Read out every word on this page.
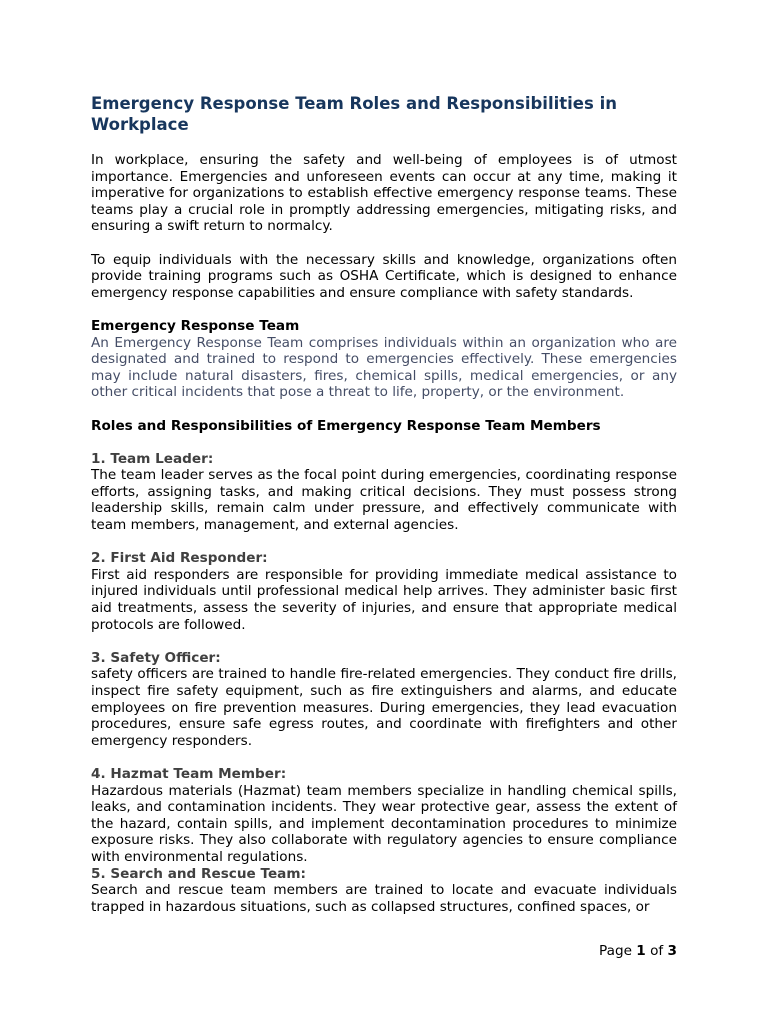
Emergency Response Team Roles and Responsibilities in Workplace

In workplace, ensuring the safety and well-being of employees is of utmost importance. Emergencies and unforeseen events can occur at any time, making it imperative for organizations to establish effective emergency response teams. These teams play a crucial role in promptly addressing emergencies, mitigating risks, and ensuring a swift return to normalcy.

To equip individuals with the necessary skills and knowledge, organizations often provide training programs such as OSHA Certificate, which is designed to enhance emergency response capabilities and ensure compliance with safety standards.

Emergency Response Team

An Emergency Response Team comprises individuals within an organization who are designated and trained to respond to emergencies effectively. These emergencies may include natural disasters, fires, chemical spills, medical emergencies, or any other critical incidents that pose a threat to life, property, or the environment.

Roles and Responsibilities of Emergency Response Team Members
1. Team Leader:

The team leader serves as the focal point during emergencies, coordinating response efforts, assigning tasks, and making critical decisions. They must possess strong leadership skills, remain calm under pressure, and effectively communicate with team members, management, and external agencies.

2. First Aid Responder:

First aid responders are responsible for providing immediate medical assistance to injured individuals until professional medical help arrives. They administer basic first aid treatments, assess the severity of injuries, and ensure that appropriate medical protocols are followed.

3. Safety Officer:

safety officers are trained to handle fire-related emergencies. They conduct fire drills, inspect fire safety equipment, such as fire extinguishers and alarms, and educate employees on fire prevention measures. During emergencies, they lead evacuation procedures, ensure safe egress routes, and coordinate with firefighters and other emergency responders.

4. Hazmat Team Member:

Hazardous materials (Hazmat) team members specialize in handling chemical spills, leaks, and contamination incidents. They wear protective gear, assess the extent of the hazard, contain spills, and implement decontamination procedures to minimize exposure risks. They also collaborate with regulatory agencies to ensure compliance with environmental regulations.

5. Search and Rescue Team:

Search and rescue team members are trained to locate and evacuate individuals trapped in hazardous situations, such as collapsed structures, confined spaces, or

Page 1 of 3
